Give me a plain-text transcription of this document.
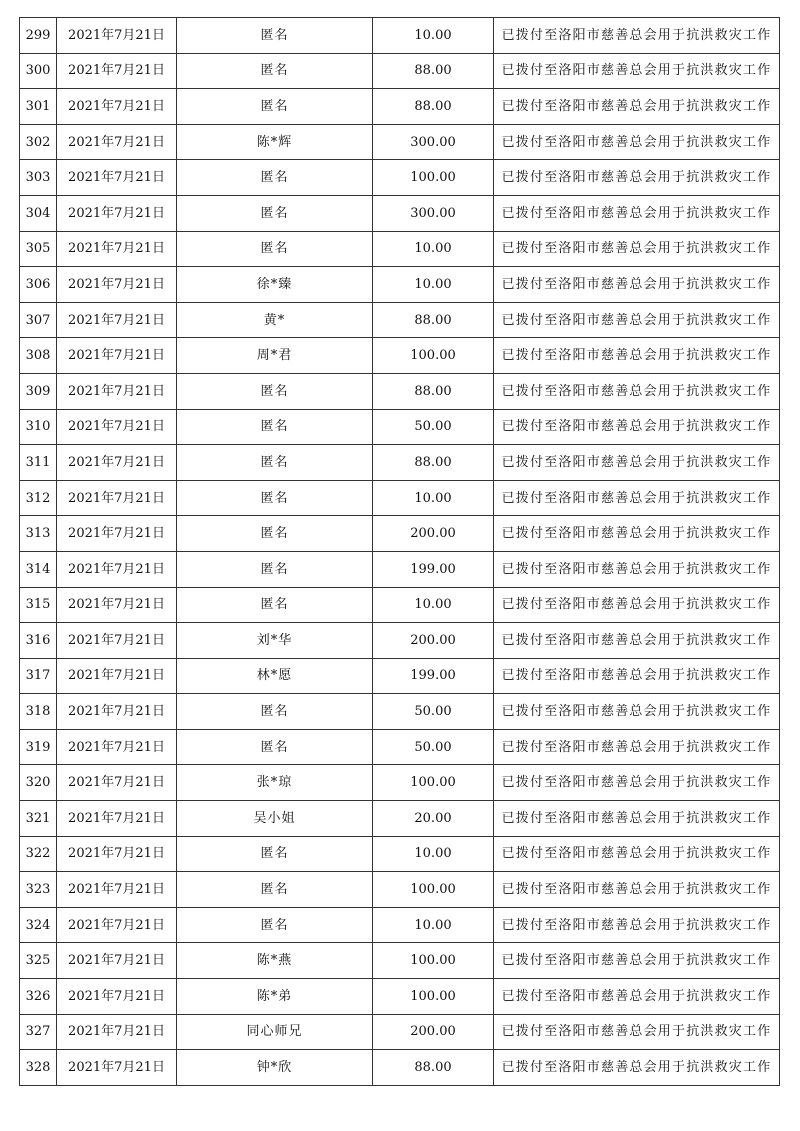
299	2021年7月21日	匿名	10.00	已拨付至洛阳市慈善总会用于抗洪救灾工作
300	2021年7月21日	匿名	88.00	已拨付至洛阳市慈善总会用于抗洪救灾工作
301	2021年7月21日	匿名	88.00	已拨付至洛阳市慈善总会用于抗洪救灾工作
302	2021年7月21日	陈*辉	300.00	已拨付至洛阳市慈善总会用于抗洪救灾工作
303	2021年7月21日	匿名	100.00	已拨付至洛阳市慈善总会用于抗洪救灾工作
304	2021年7月21日	匿名	300.00	已拨付至洛阳市慈善总会用于抗洪救灾工作
305	2021年7月21日	匿名	10.00	已拨付至洛阳市慈善总会用于抗洪救灾工作
306	2021年7月21日	徐*臻	10.00	已拨付至洛阳市慈善总会用于抗洪救灾工作
307	2021年7月21日	黄*	88.00	已拨付至洛阳市慈善总会用于抗洪救灾工作
308	2021年7月21日	周*君	100.00	已拨付至洛阳市慈善总会用于抗洪救灾工作
309	2021年7月21日	匿名	88.00	已拨付至洛阳市慈善总会用于抗洪救灾工作
310	2021年7月21日	匿名	50.00	已拨付至洛阳市慈善总会用于抗洪救灾工作
311	2021年7月21日	匿名	88.00	已拨付至洛阳市慈善总会用于抗洪救灾工作
312	2021年7月21日	匿名	10.00	已拨付至洛阳市慈善总会用于抗洪救灾工作
313	2021年7月21日	匿名	200.00	已拨付至洛阳市慈善总会用于抗洪救灾工作
314	2021年7月21日	匿名	199.00	已拨付至洛阳市慈善总会用于抗洪救灾工作
315	2021年7月21日	匿名	10.00	已拨付至洛阳市慈善总会用于抗洪救灾工作
316	2021年7月21日	刘*华	200.00	已拨付至洛阳市慈善总会用于抗洪救灾工作
317	2021年7月21日	林*愿	199.00	已拨付至洛阳市慈善总会用于抗洪救灾工作
318	2021年7月21日	匿名	50.00	已拨付至洛阳市慈善总会用于抗洪救灾工作
319	2021年7月21日	匿名	50.00	已拨付至洛阳市慈善总会用于抗洪救灾工作
320	2021年7月21日	张*琼	100.00	已拨付至洛阳市慈善总会用于抗洪救灾工作
321	2021年7月21日	吴小姐	20.00	已拨付至洛阳市慈善总会用于抗洪救灾工作
322	2021年7月21日	匿名	10.00	已拨付至洛阳市慈善总会用于抗洪救灾工作
323	2021年7月21日	匿名	100.00	已拨付至洛阳市慈善总会用于抗洪救灾工作
324	2021年7月21日	匿名	10.00	已拨付至洛阳市慈善总会用于抗洪救灾工作
325	2021年7月21日	陈*燕	100.00	已拨付至洛阳市慈善总会用于抗洪救灾工作
326	2021年7月21日	陈*弟	100.00	已拨付至洛阳市慈善总会用于抗洪救灾工作
327	2021年7月21日	同心师兄	200.00	已拨付至洛阳市慈善总会用于抗洪救灾工作
328	2021年7月21日	钟*欣	88.00	已拨付至洛阳市慈善总会用于抗洪救灾工作
